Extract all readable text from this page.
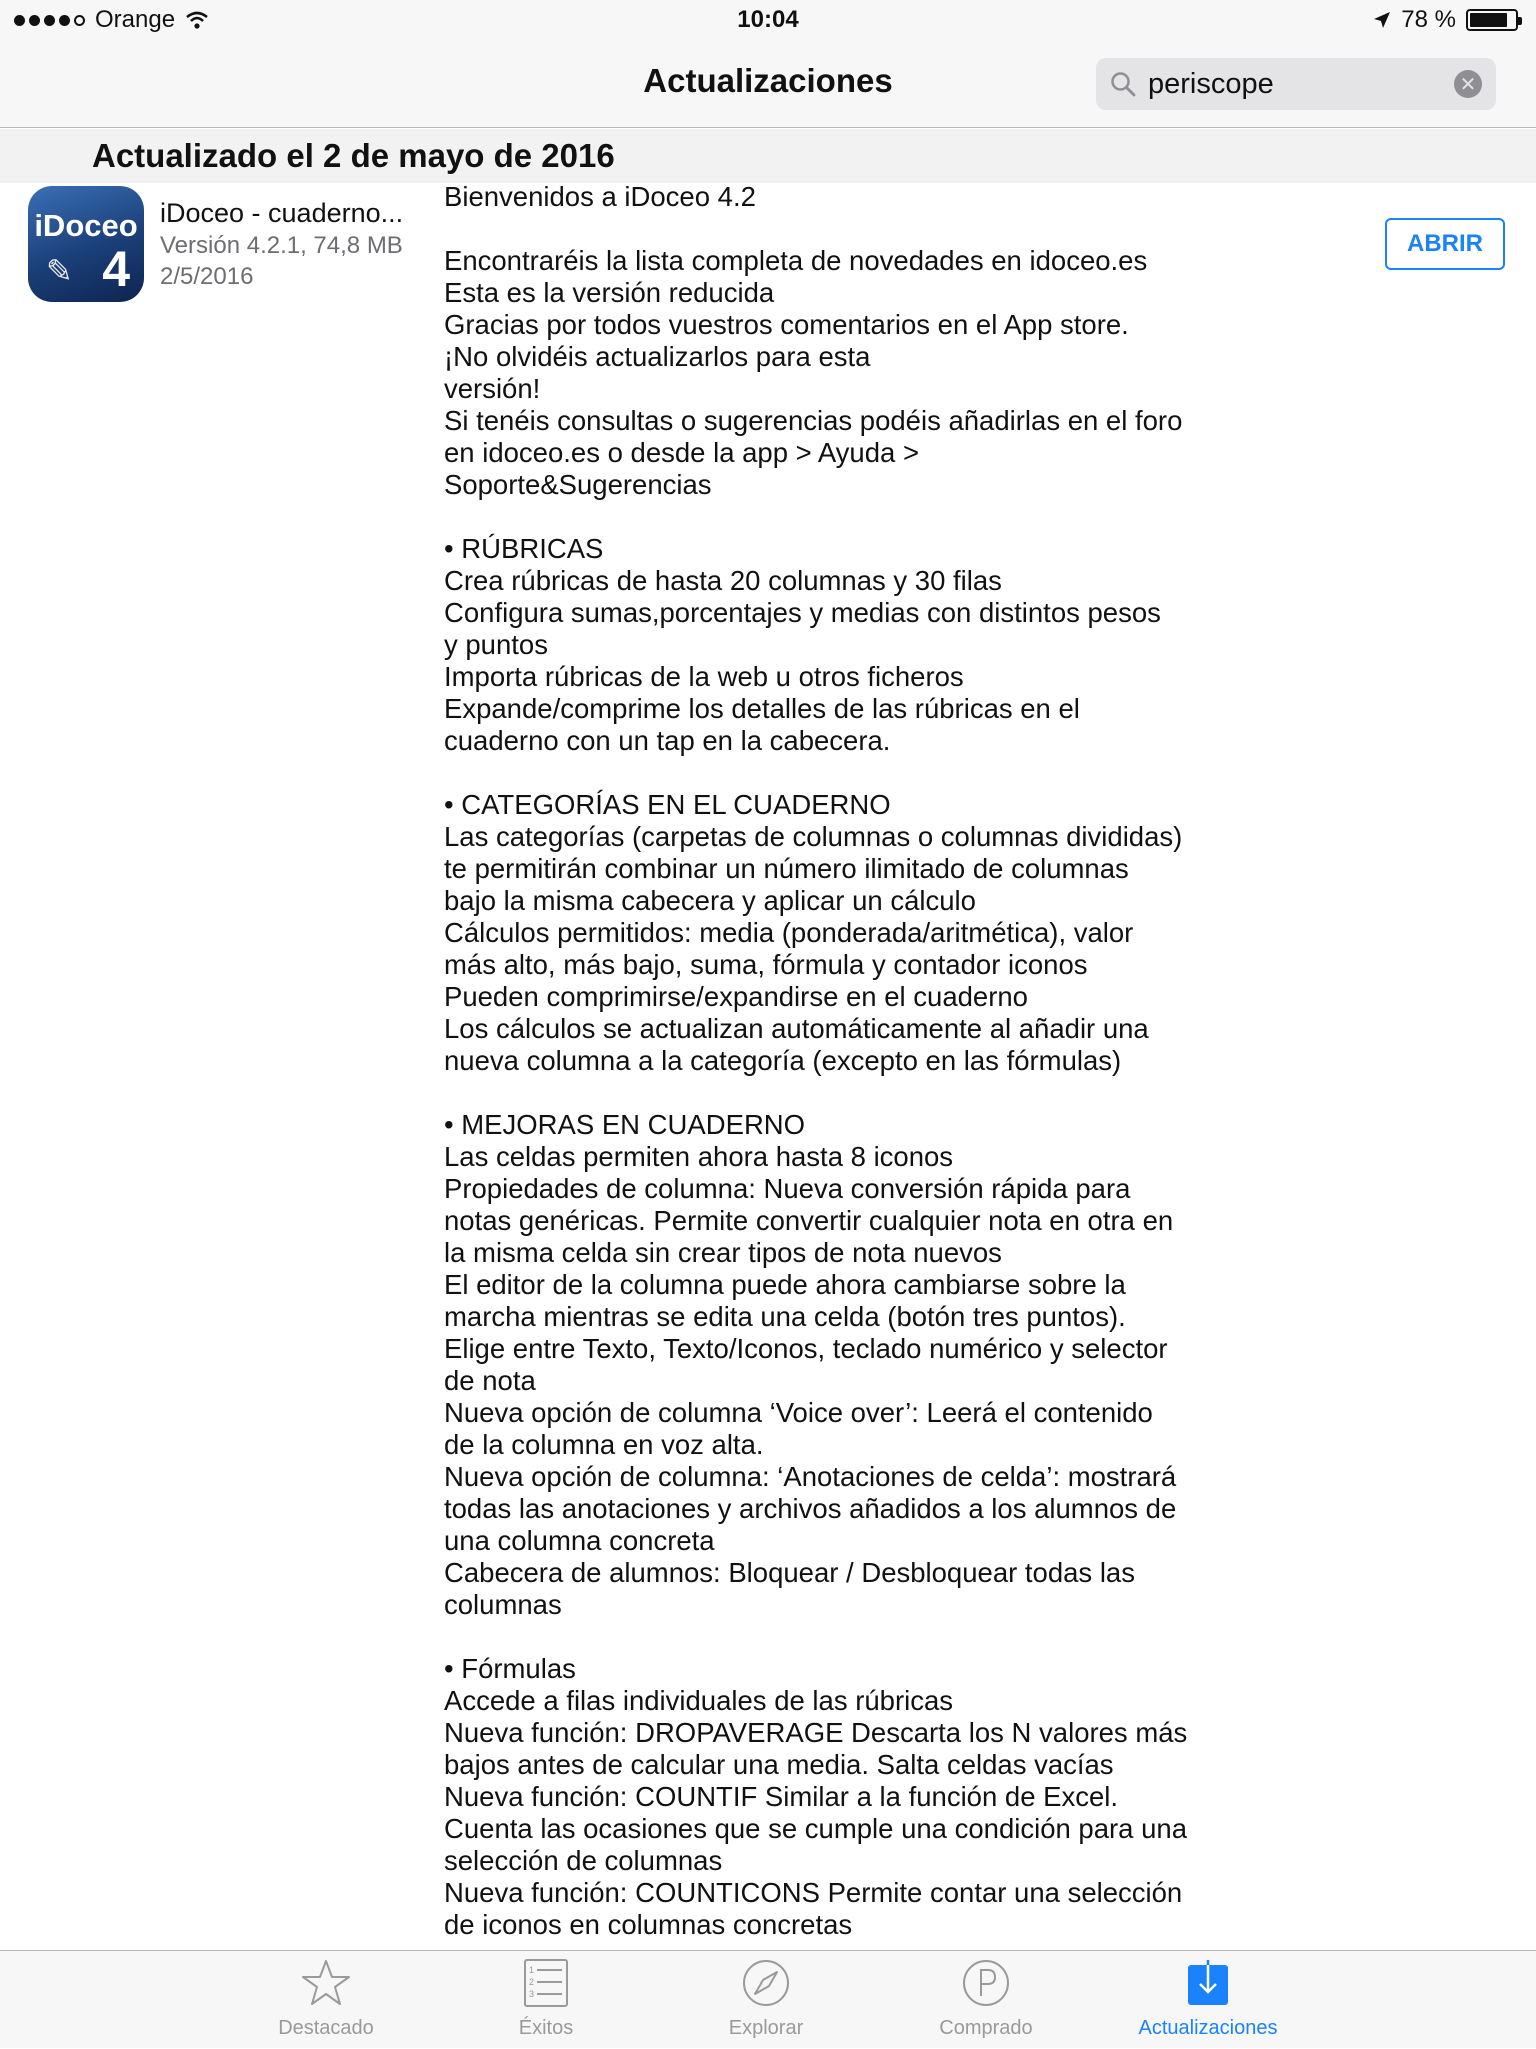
Orange	10:04	78 %
Actualizaciones	periscope	✕
Actualizado el 2 de mayo de 2016
iDoceo
✎ 4
iDoceo - cuaderno...
Versión 4.2.1, 74,8 MB
2/5/2016
ABRIR
Bienvenidos a iDoceo 4.2
Encontraréis la lista completa de novedades en idoceo.es
Esta es la versión reducida
Gracias por todos vuestros comentarios en el App store.
¡No olvidéis actualizarlos para esta
versión!
Si tenéis consultas o sugerencias podéis añadirlas en el foro
en idoceo.es o desde la app > Ayuda >
Soporte&Sugerencias
• RÚBRICAS
Crea rúbricas de hasta 20 columnas y 30 filas
Configura sumas,porcentajes y medias con distintos pesos
y puntos
Importa rúbricas de la web u otros ficheros
Expande/comprime los detalles de las rúbricas en el
cuaderno con un tap en la cabecera.
• CATEGORÍAS EN EL CUADERNO
Las categorías (carpetas de columnas o columnas divididas)
te permitirán combinar un número ilimitado de columnas
bajo la misma cabecera y aplicar un cálculo
Cálculos permitidos: media (ponderada/aritmética), valor
más alto, más bajo, suma, fórmula y contador iconos
Pueden comprimirse/expandirse en el cuaderno
Los cálculos se actualizan automáticamente al añadir una
nueva columna a la categoría (excepto en las fórmulas)
• MEJORAS EN CUADERNO
Las celdas permiten ahora hasta 8 iconos
Propiedades de columna: Nueva conversión rápida para
notas genéricas. Permite convertir cualquier nota en otra en
la misma celda sin crear tipos de nota nuevos
El editor de la columna puede ahora cambiarse sobre la
marcha mientras se edita una celda (botón tres puntos).
Elige entre Texto, Texto/Iconos, teclado numérico y selector
de nota
Nueva opción de columna ‘Voice over’: Leerá el contenido
de la columna en voz alta.
Nueva opción de columna: ‘Anotaciones de celda’: mostrará
todas las anotaciones y archivos añadidos a los alumnos de
una columna concreta
Cabecera de alumnos: Bloquear / Desbloquear todas las
columnas
• Fórmulas
Accede a filas individuales de las rúbricas
Nueva función: DROPAVERAGE Descarta los N valores más
bajos antes de calcular una media. Salta celdas vacías
Nueva función: COUNTIF Similar a la función de Excel.
Cuenta las ocasiones que se cumple una condición para una
selección de columnas
Nueva función: COUNTICONS Permite contar una selección
de iconos en columnas concretas
Destacado
1
2
3
Éxitos	Explorar	Comprado	Actualizaciones
